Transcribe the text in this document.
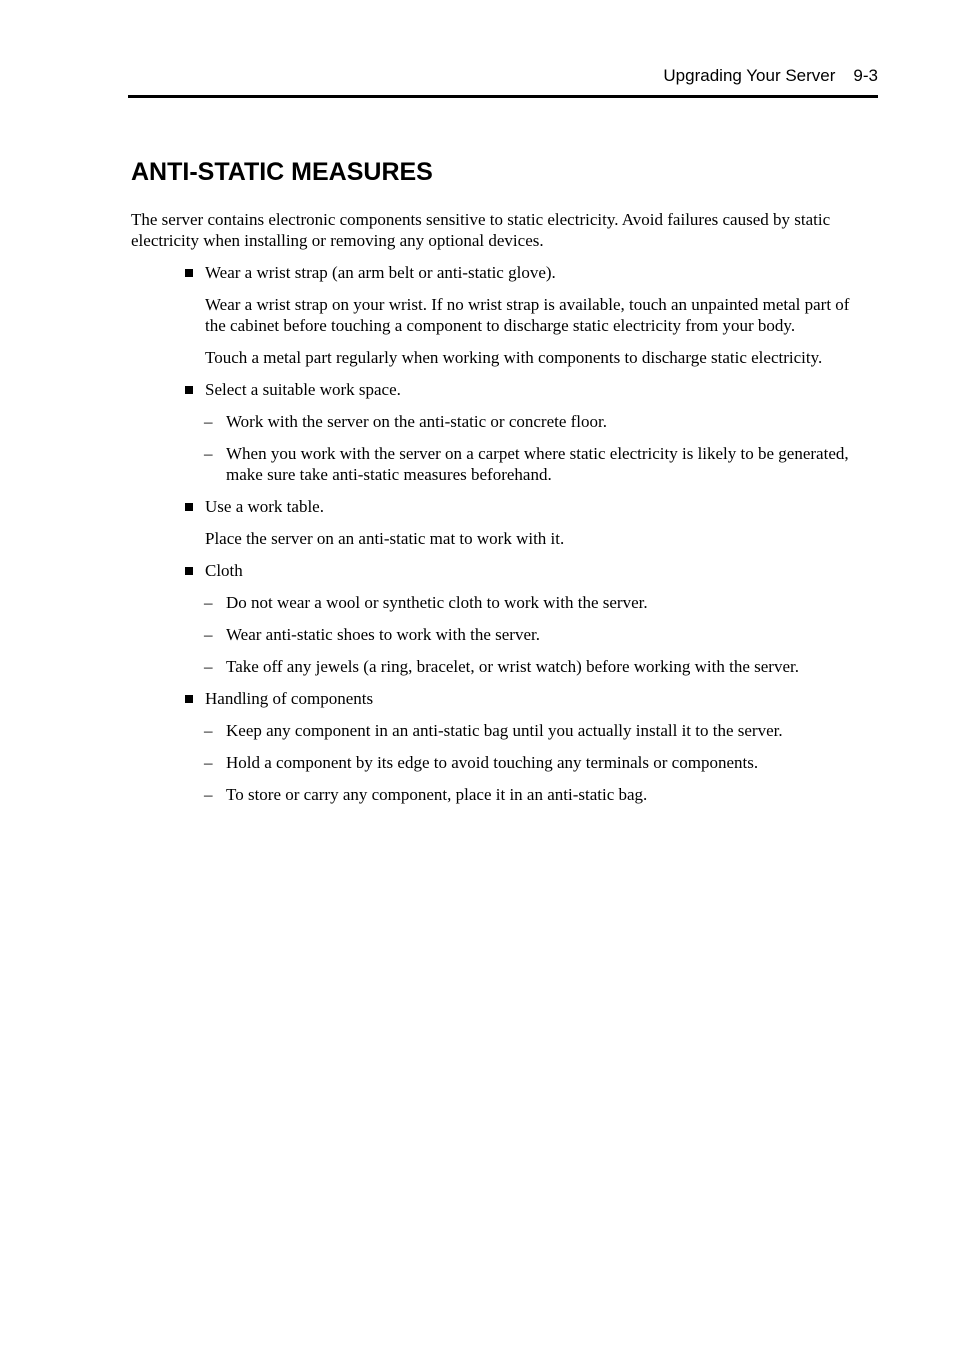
Upgrading Your Server 9-3
ANTI-STATIC MEASURES

The server contains electronic components sensitive to static electricity. Avoid failures caused by static electricity when installing or removing any optional devices.

Wear a wrist strap (an arm belt or anti-static glove).

Wear a wrist strap on your wrist. If no wrist strap is available, touch an unpainted metal part of the cabinet before touching a component to discharge static electricity from your body.

Touch a metal part regularly when working with components to discharge static electricity.

Select a suitable work space.

– Work with the server on the anti-static or concrete floor.

– When you work with the server on a carpet where static electricity is likely to be generated, make sure take anti-static measures beforehand.

Use a work table.

Place the server on an anti-static mat to work with it.

Cloth

– Do not wear a wool or synthetic cloth to work with the server.

– Wear anti-static shoes to work with the server.

– Take off any jewels (a ring, bracelet, or wrist watch) before working with the server.

Handling of components

– Keep any component in an anti-static bag until you actually install it to the server.

– Hold a component by its edge to avoid touching any terminals or components.

– To store or carry any component, place it in an anti-static bag.
